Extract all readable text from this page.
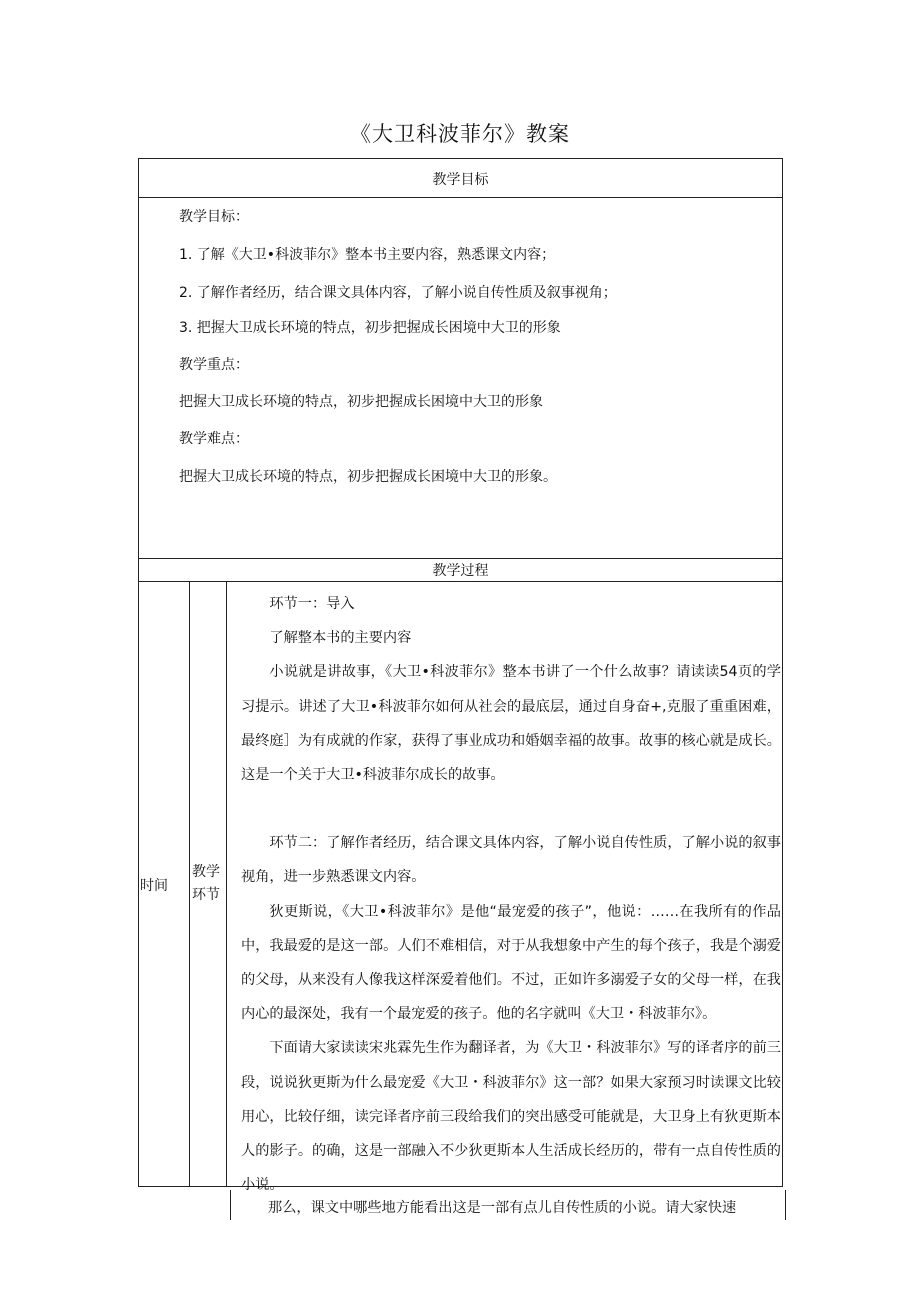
《大卫科波菲尔》教案
教学目标
教学目标：
1. 了解《大卫•科波菲尔》整本书主要内容，熟悉课文内容；
2. 了解作者经历，结合课文具体内容，了解小说自传性质及叙事视角；
3. 把握大卫成长环境的特点，初步把握成长困境中大卫的形象
教学重点：
把握大卫成长环境的特点，初步把握成长困境中大卫的形象
教学难点：
把握大卫成长环境的特点，初步把握成长困境中大卫的形象。
教学过程
时间
教学
环节

环节一：导入

了解整本书的主要内容

小说就是讲故事，《大卫•科波菲尔》整本书讲了一个什么故事？请读读54页的学习提示。讲述了大卫•科波菲尔如何从社会的最底层，通过自身奋+,克服了重重困难，最终庭］为有成就的作家，获得了事业成功和婚姻幸福的故事。故事的核心就是成长。这是一个关于大卫•科波菲尔成长的故事。

环节二：了解作者经历，结合课文具体内容，了解小说自传性质，了解小说的叙事视角，进一步熟悉课文内容。

狄更斯说，《大卫•科波菲尔》是他“最宠爱的孩子”，他说：……在我所有的作品中，我最爱的是这一部。人们不难相信，对于从我想象中产生的每个孩子，我是个溺爱的父母，从来没有人像我这样深爱着他们。不过，正如许多溺爱子女的父母一样，在我内心的最深处，我有一个最宠爱的孩子。他的名字就叫《大卫・科波菲尔》。

下面请大家读读宋兆霖先生作为翻译者，为《大卫・科波菲尔》写的译者序的前三段，说说狄更斯为什么最宠爱《大卫・科波菲尔》这一部？如果大家预习时读课文比较用心，比较仔细，读完译者序前三段给我们的突出感受可能就是，大卫身上有狄更斯本人的影子。的确，这是一部融入不少狄更斯本人生活成长经历的，带有一点自传性质的小说。

那么，课文中哪些地方能看出这是一部有点儿自传性质的小说。请大家快速
